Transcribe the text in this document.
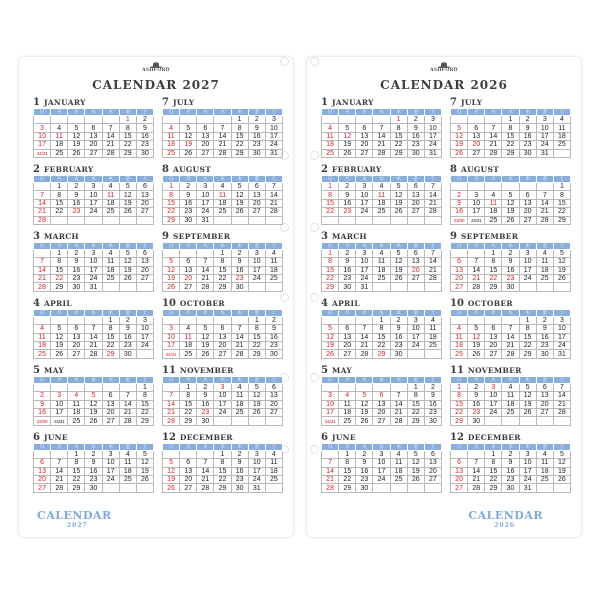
ASHFORD
CALENDAR 2027
1 JANUARY
日	月	火	水	木	金	土
					1	2
3	4	5	6	7	8	9
10	11	12	13	14	15	16
17	18	19	20	21	22	23
24/31	25	26	27	28	29	30
7 JULY
日	月	火	水	木	金	土
				1	2	3
4	5	6	7	8	9	10
11	12	13	14	15	16	17
18	19	20	21	22	23	24
25	26	27	28	29	30	31
2 FEBRUARY
日	月	火	水	木	金	土
	1	2	3	4	5	6
7	8	9	10	11	12	13
14	15	16	17	18	19	20
21	22	23	24	25	26	27
28						
8 AUGUST
日	月	火	水	木	金	土
1	2	3	4	5	6	7
8	9	10	11	12	13	14
15	16	17	18	19	20	21
22	23	24	25	26	27	28
29	30	31				
3 MARCH
日	月	火	水	木	金	土
	1	2	3	4	5	6
7	8	9	10	11	12	13
14	15	16	17	18	19	20
21	22	23	24	25	26	27
28	29	30	31			
9 SEPTEMBER
日	月	火	水	木	金	土
			1	2	3	4
5	6	7	8	9	10	11
12	13	14	15	16	17	18
19	20	21	22	23	24	25
26	27	28	29	30		
4 APRIL
日	月	火	水	木	金	土
				1	2	3
4	5	6	7	8	9	10
11	12	13	14	15	16	17
18	19	20	21	22	23	24
25	26	27	28	29	30	
10 OCTOBER
日	月	火	水	木	金	土
					1	2
3	4	5	6	7	8	9
10	11	12	13	14	15	16
17	18	19	20	21	22	23
24/31	25	26	27	28	29	30
5 MAY
日	月	火	水	木	金	土
						1
2	3	4	5	6	7	8
9	10	11	12	13	14	15
16	17	18	19	20	21	22
23/30	24/31	25	26	27	28	29
11 NOVEMBER
日	月	火	水	木	金	土
	1	2	3	4	5	6
7	8	9	10	11	12	13
14	15	16	17	18	19	20
21	22	23	24	25	26	27
28	29	30				
6 JUNE
日	月	火	水	木	金	土
		1	2	3	4	5
6	7	8	9	10	11	12
13	14	15	16	17	18	19
20	21	22	23	24	25	26
27	28	29	30			
12 DECEMBER
日	月	火	水	木	金	土
			1	2	3	4
5	6	7	8	9	10	11
12	13	14	15	16	17	18
19	20	21	22	23	24	25
26	27	28	29	30	31	
CALENDAR
2027
ASHFORD
CALENDAR 2026
1 JANUARY
日	月	火	水	木	金	土
				1	2	3
4	5	6	7	8	9	10
11	12	13	14	15	16	17
18	19	20	21	22	23	24
25	26	27	28	29	30	31
7 JULY
日	月	火	水	木	金	土
			1	2	3	4
5	6	7	8	9	10	11
12	13	14	15	16	17	18
19	20	21	22	23	24	25
26	27	28	29	30	31	
2 FEBRUARY
日	月	火	水	木	金	土
1	2	3	4	5	6	7
8	9	10	11	12	13	14
15	16	17	18	19	20	21
22	23	24	25	26	27	28

8 AUGUST
日	月	火	水	木	金	土
						1
2	3	4	5	6	7	8
9	10	11	12	13	14	15
16	17	18	19	20	21	22
23/30	24/31	25	26	27	28	29
3 MARCH
日	月	火	水	木	金	土
1	2	3	4	5	6	7
8	9	10	11	12	13	14
15	16	17	18	19	20	21
22	23	24	25	26	27	28
29	30	31				
9 SEPTEMBER
日	月	火	水	木	金	土
		1	2	3	4	5
6	7	8	9	10	11	12
13	14	15	16	17	18	19
20	21	22	23	24	25	26
27	28	29	30			
4 APRIL
日	月	火	水	木	金	土
			1	2	3	4
5	6	7	8	9	10	11
12	13	14	15	16	17	18
19	20	21	22	23	24	25
26	27	28	29	30		
10 OCTOBER
日	月	火	水	木	金	土
				1	2	3
4	5	6	7	8	9	10
11	12	13	14	15	16	17
18	19	20	21	22	23	24
25	26	27	28	29	30	31
5 MAY
日	月	火	水	木	金	土
					1	2
3	4	5	6	7	8	9
10	11	12	13	14	15	16
17	18	19	20	21	22	23
24/31	25	26	27	28	29	30
11 NOVEMBER
日	月	火	水	木	金	土
1	2	3	4	5	6	7
8	9	10	11	12	13	14
15	16	17	18	19	20	21
22	23	24	25	26	27	28
29	30					
6 JUNE
日	月	火	水	木	金	土
	1	2	3	4	5	6
7	8	9	10	11	12	13
14	15	16	17	18	19	20
21	22	23	24	25	26	27
28	29	30				
12 DECEMBER
日	月	火	水	木	金	土
		1	2	3	4	5
6	7	8	9	10	11	12
13	14	15	16	17	18	19
20	21	22	23	24	25	26
27	28	29	30	31		
CALENDAR
2026
